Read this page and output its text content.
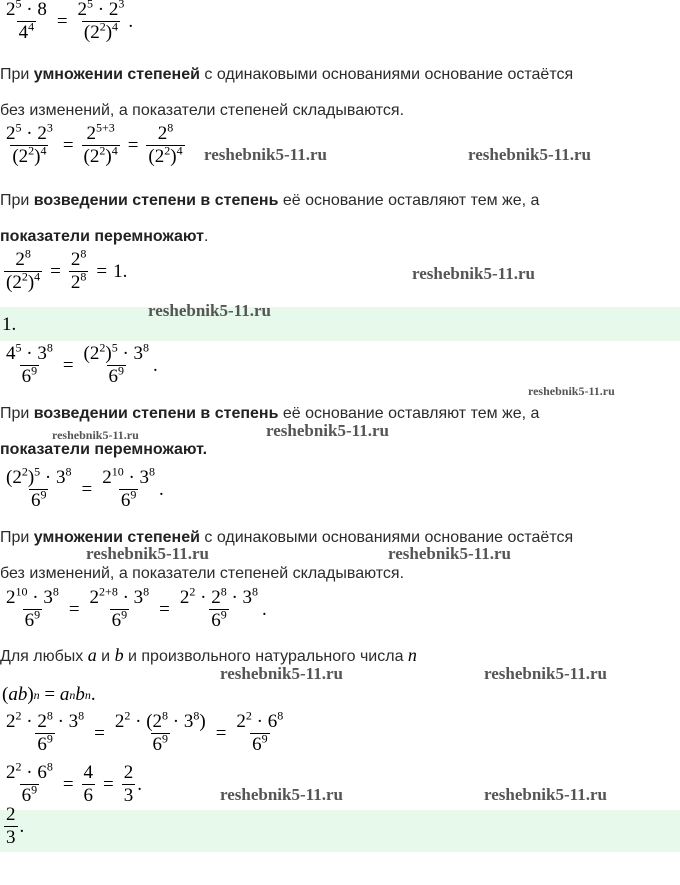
$\frac{2^5 \cdot 8}{4^4} = \frac{2^5 \cdot 2^3}{(2^2)^4}$ .
При умножении степеней с одинаковыми основаниями основание остаётся
без изменений, а показатели степеней складываются.
$\frac{2^5 \cdot 2^3}{(2^2)^4} = \frac{2^{5+3}}{(2^2)^4} = \frac{2^8}{(2^2)^4}$
При возведении степени в степень её основание оставляют тем же, а
показатели перемножают.
$\frac{2^8}{(2^2)^4} = \frac{2^8}{2^8} = 1$.
1.
$\frac{4^5 \cdot 3^8}{6^9} = \frac{(2^2)^5 \cdot 3^8}{6^9}$ .
При возведении степени в степень её основание оставляют тем же, а
показатели перемножают.
$\frac{(2^2)^5 \cdot 3^8}{6^9} = \frac{2^{10} \cdot 3^8}{6^9}$ .
При умножении степеней с одинаковыми основаниями основание остаётся
без изменений, а показатели степеней складываются.
$\frac{2^{10} \cdot 3^8}{6^9} = \frac{2^{2+8} \cdot 3^8}{6^9} = \frac{2^2 \cdot 2^8 \cdot 3^8}{6^9}$ .
Для любых a и b и произвольного натурального числа n
( ab ) n = a n b n .
$\frac{2^2 \cdot 2^8 \cdot 3^8}{6^9} = \frac{2^2 \cdot (2^8 \cdot 3^8)}{6^9} = \frac{2^2 \cdot 6^8}{6^9}$
$\frac{2^2 \cdot 6^8}{6^9} = \frac{4}{6} = \frac{2}{3}$ .
$\frac{2}{3}$ .
reshebnik5-11.ru	reshebnik5-11.ru
reshebnik5-11.ru
reshebnik5-11.ru
reshebnik5-11.ru
reshebnik5-11.ru	reshebnik5-11.ru
reshebnik5-11.ru	reshebnik5-11.ru
reshebnik5-11.ru	reshebnik5-11.ru
reshebnik5-11.ru	reshebnik5-11.ru
